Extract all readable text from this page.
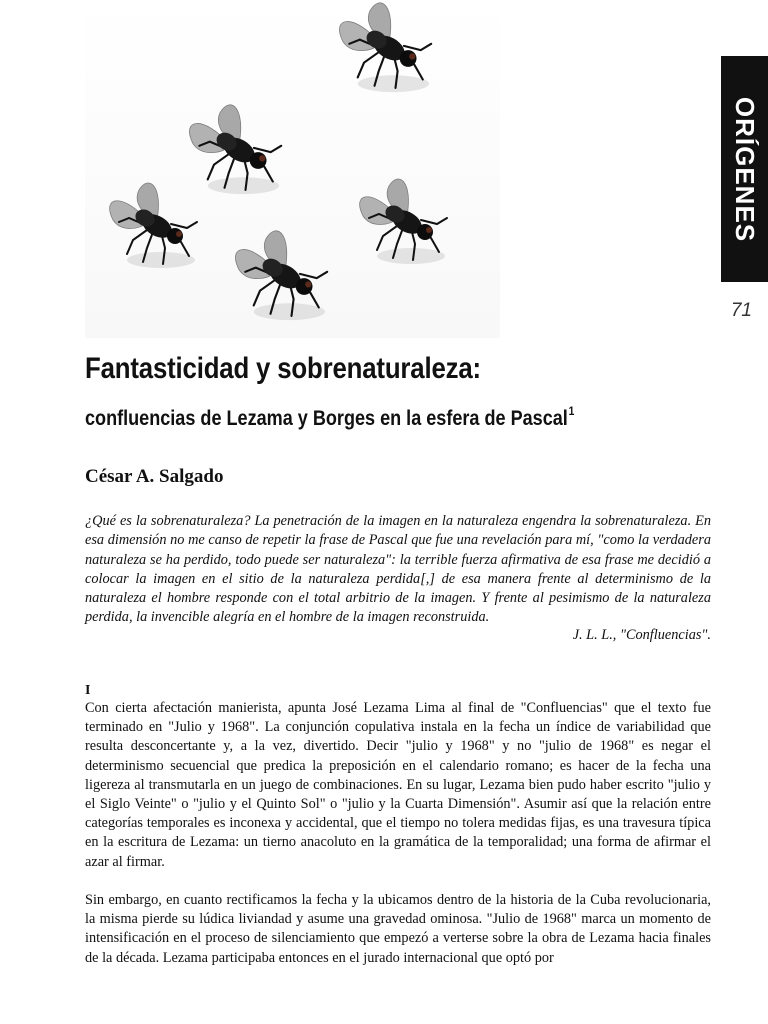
ORÍGENES
71
Fantasticidad y sobrenaturaleza:
confluencias de Lezama y Borges en la esfera de Pascal$^1$

César A. Salgado

¿Qué es la sobrenaturaleza? La penetración de la imagen en la naturaleza engendra la sobrenaturaleza. En esa dimensión no me canso de repetir la frase de Pascal que fue una revelación para mí, "como la verdadera naturaleza se ha perdido, todo puede ser naturaleza": la terrible fuerza afirmativa de esa frase me decidió a colocar la imagen en el sitio de la naturaleza perdida[,] de esa manera frente al determinismo de la naturaleza el hombre responde con el total arbitrio de la imagen. Y frente al pesimismo de la naturaleza perdida, la invencible alegría en el hombre de la imagen reconstruida.

J. L. L., "Confluencias".

I

Con cierta afectación manierista, apunta José Lezama Lima al final de "Confluencias" que el texto fue terminado en "Julio y 1968". La conjunción copulativa instala en la fecha un índice de variabilidad que resulta desconcertante y, a la vez, divertido. Decir "julio y 1968" y no "julio de 1968" es negar el determinismo secuencial que predica la preposición en el calendario romano; es hacer de la fecha una ligereza al transmutarla en un juego de combinaciones. En su lugar, Lezama bien pudo haber escrito "julio y el Siglo Veinte" o "julio y el Quinto Sol" o "julio y la Cuarta Dimensión". Asumir así que la relación entre categorías temporales es inconexa y accidental, que el tiempo no tolera medidas fijas, es una travesura típica en la escritura de Lezama: un tierno anacoluto en la gramática de la temporalidad; una forma de afirmar el azar al firmar.

Sin embargo, en cuanto rectificamos la fecha y la ubicamos dentro de la historia de la Cuba revolucionaria, la misma pierde su lúdica liviandad y asume una gravedad ominosa. "Julio de 1968" marca un momento de intensificación en el proceso de silenciamiento que empezó a verterse sobre la obra de Lezama hacia finales de la década. Lezama participaba entonces en el jurado internacional que optó por
